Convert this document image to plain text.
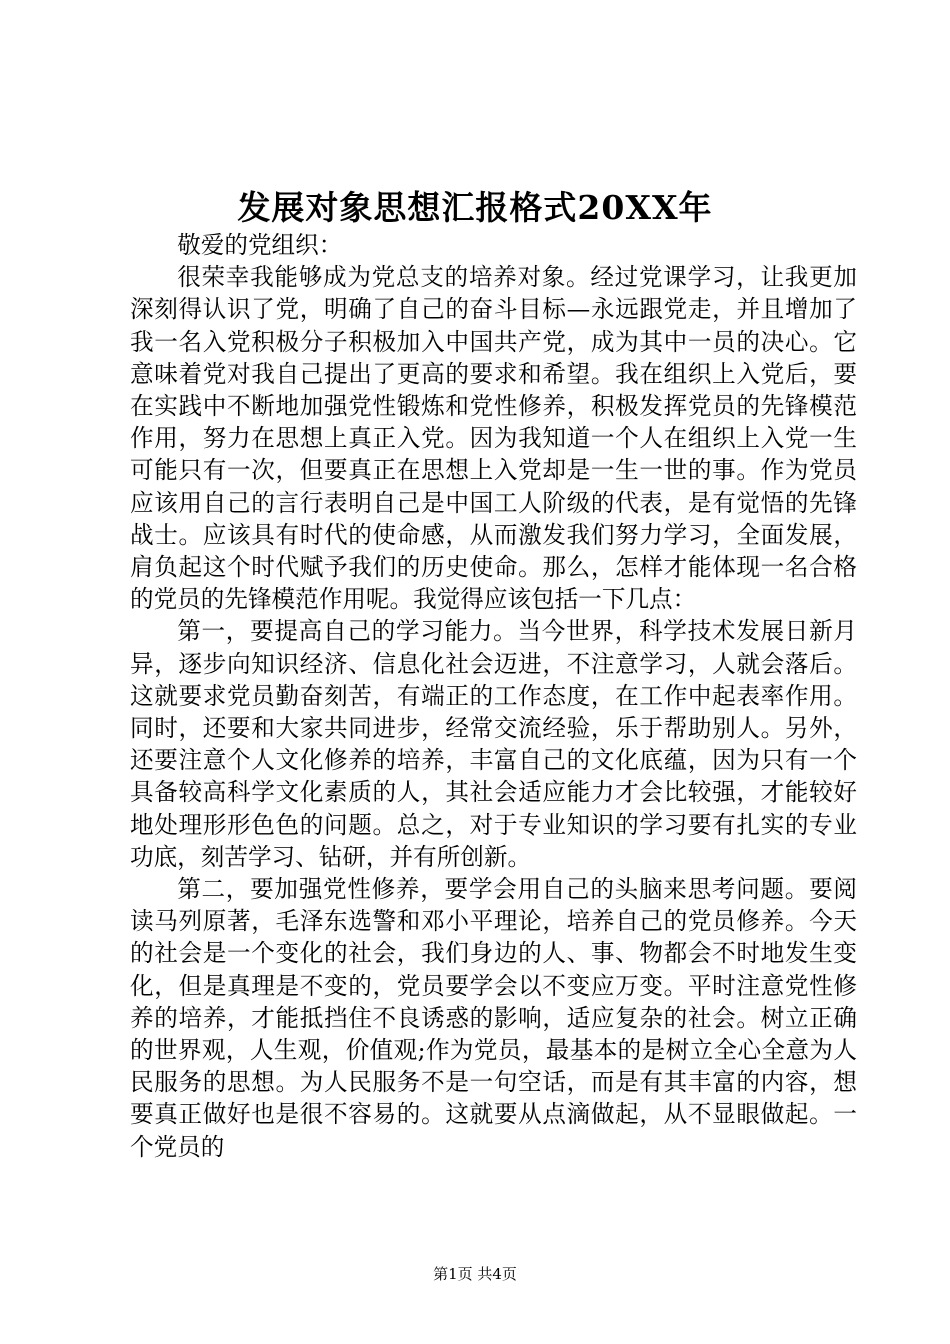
发展对象思想汇报格式20XX年

敬爱的党组织：

很荣幸我能够成为党总支的培养对象。经过党课学习，让我更加深刻得认识了党，明确了自己的奋斗目标—永远跟党走，并且增加了我一名入党积极分子积极加入中国共产党，成为其中一员的决心。它意味着党对我自己提出了更高的要求和希望。我在组织上入党后，要在实践中不断地加强党性锻炼和党性修养，积极发挥党员的先锋模范作用，努力在思想上真正入党。因为我知道一个人在组织上入党一生可能只有一次，但要真正在思想上入党却是一生一世的事。作为党员应该用自己的言行表明自己是中国工人阶级的代表，是有觉悟的先锋战士。应该具有时代的使命感，从而激发我们努力学习，全面发展，肩负起这个时代赋予我们的历史使命。那么，怎样才能体现一名合格的党员的先锋模范作用呢。我觉得应该包括一下几点：

第一，要提高自己的学习能力。当今世界，科学技术发展日新月异，逐步向知识经济、信息化社会迈进，不注意学习，人就会落后。这就要求党员勤奋刻苦，有端正的工作态度，在工作中起表率作用。同时，还要和大家共同进步，经常交流经验，乐于帮助别人。另外，还要注意个人文化修养的培养，丰富自己的文化底蕴，因为只有一个具备较高科学文化素质的人，其社会适应能力才会比较强，才能较好地处理形形色色的问题。总之，对于专业知识的学习要有扎实的专业功底，刻苦学习、钻研，并有所创新。

第二，要加强党性修养，要学会用自己的头脑来思考问题。要阅读马列原著，毛泽东选警和邓小平理论，培养自己的党员修养。今天的社会是一个变化的社会，我们身边的人、事、物都会不时地发生变化，但是真理是不变的，党员要学会以不变应万变。平时注意党性修养的培养，才能抵挡住不良诱惑的影响，适应复杂的社会。树立正确的世界观，人生观，价值观;作为党员，最基本的是树立全心全意为人民服务的思想。为人民服务不是一句空话，而是有其丰富的内容，想要真正做好也是很不容易的。这就要从点滴做起，从不显眼做起。一个党员的

第1页 共4页
